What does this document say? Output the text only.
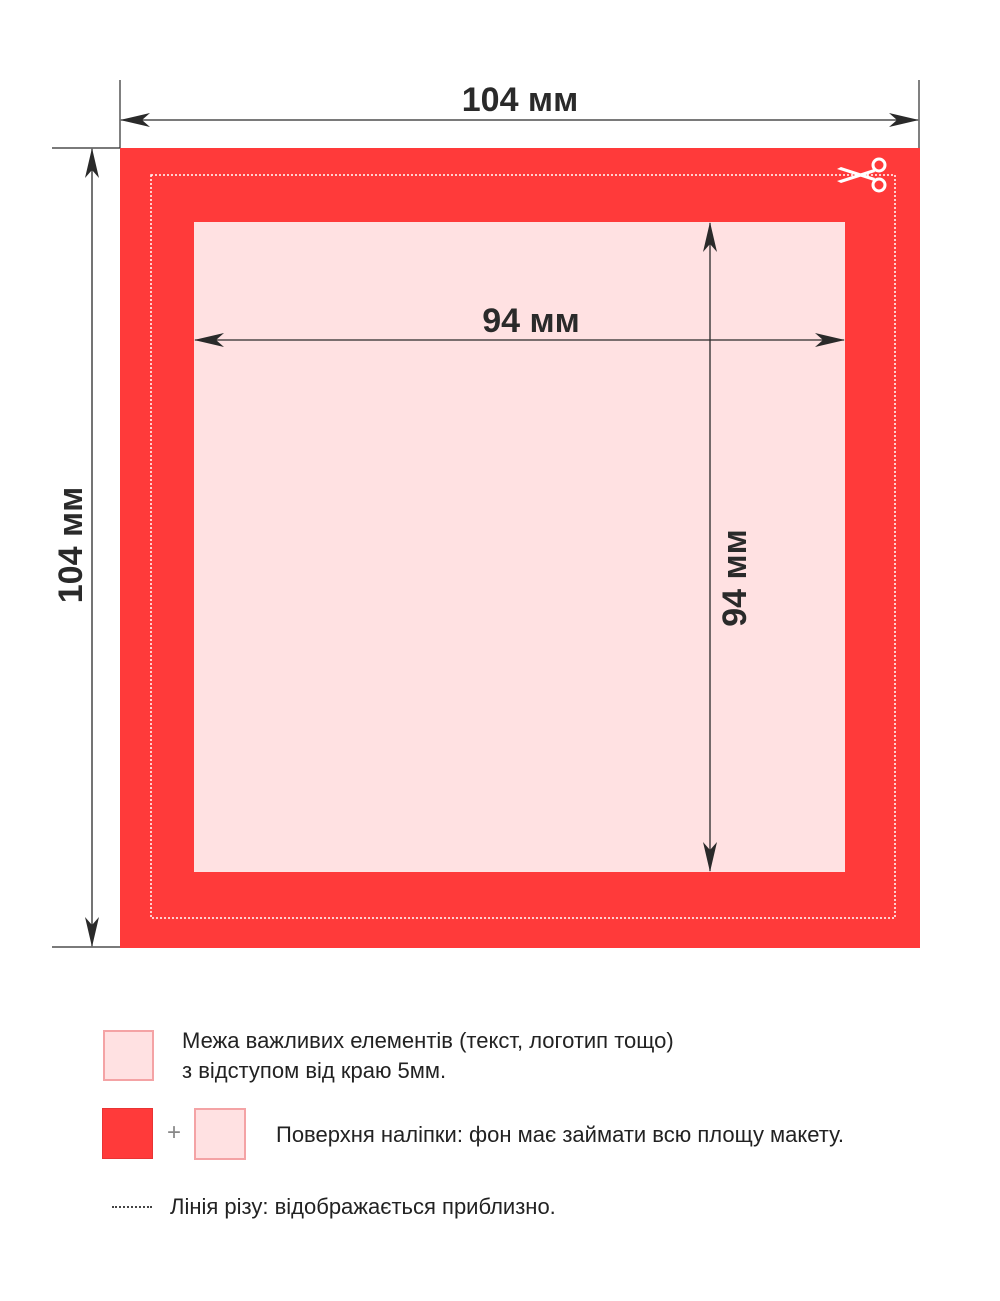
104 мм
104 мм
94 мм
94 мм
Межа важливих елементів (текст, логотип тощо)
з відступом від краю 5мм.
+	Поверхня наліпки: фон має займати всю площу макету.
Лінія різу: відображається приблизно.
